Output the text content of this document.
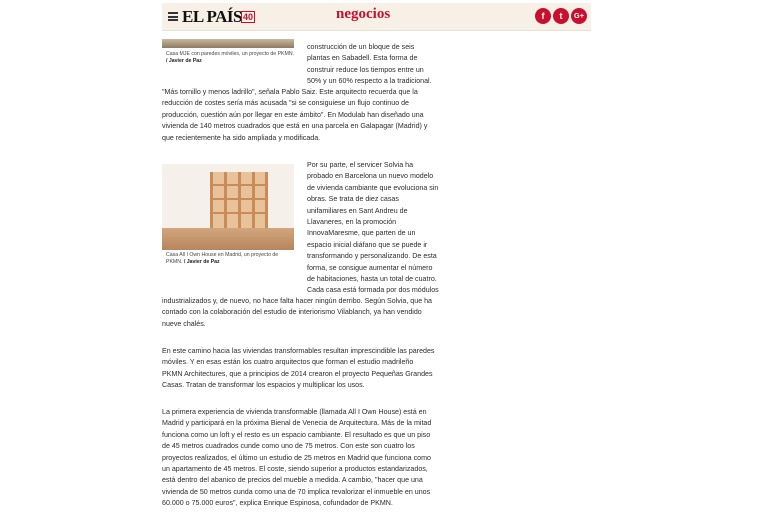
EL PAÍS 40	negocios	f	t	G+
Casa MJE con paredes móviles, un proyecto de PKMN. / Javier de Paz
construcción de un bloque de seis
plantas en Sabadell. Esta forma de
construir reduce los tiempos entre un
50% y un 60% respecto a la tradicional.
"Más tornillo y menos ladrillo", señala Pablo Saiz. Este arquitecto recuerda que la
reducción de costes sería más acusada "si se consiguiese un flujo continuo de
producción, cuestión aún por llegar en este ámbito". En Modulab han diseñado una
vivienda de 140 metros cuadrados que está en una parcela en Galapagar (Madrid) y
que recientemente ha sido ampliada y modificada.
Casa All I Own House en Madrid, un proyecto de PKMN. / Javier de Paz
Por su parte, el servicer Solvia ha
probado en Barcelona un nuevo modelo
de vivienda cambiante que evoluciona sin
obras. Se trata de diez casas
unifamiliares en Sant Andreu de
Llavaneres, en la promoción
InnovaMaresme, que parten de un
espacio inicial diáfano que se puede ir
transformando y personalizando. De esta
forma, se consigue aumentar el número
de habitaciones, hasta un total de cuatro.
Cada casa está formada por dos módulos
industrializados y, de nuevo, no hace falta hacer ningún derribo. Según Solvia, que ha
contado con la colaboración del estudio de interiorismo Vilablanch, ya han vendido
nueve chalés.
En este camino hacia las viviendas transformables resultan imprescindible las paredes
móviles. Y en esas están los cuatro arquitectos que forman el estudio madrileño
PKMN Architectures, que a principios de 2014 crearon el proyecto Pequeñas Grandes
Casas. Tratan de transformar los espacios y multiplicar los usos.
La primera experiencia de vivienda transformable (llamada All I Own House) está en
Madrid y participará en la próxima Bienal de Venecia de Arquitectura. Más de la mitad
funciona como un loft y el resto es un espacio cambiante. El resultado es que un piso
de 45 metros cuadrados cunde como uno de 75 metros. Con este son cuatro los
proyectos realizados, el último un estudio de 25 metros en Madrid que funciona como
un apartamento de 45 metros. El coste, siendo superior a productos estandarizados,
está dentro del abanico de precios del mueble a medida. A cambio, "hacer que una
vivienda de 50 metros cunda como una de 70 implica revalorizar el inmueble en unos
60.000 o 75.000 euros", explica Enrique Espinosa, cofundador de PKMN.
